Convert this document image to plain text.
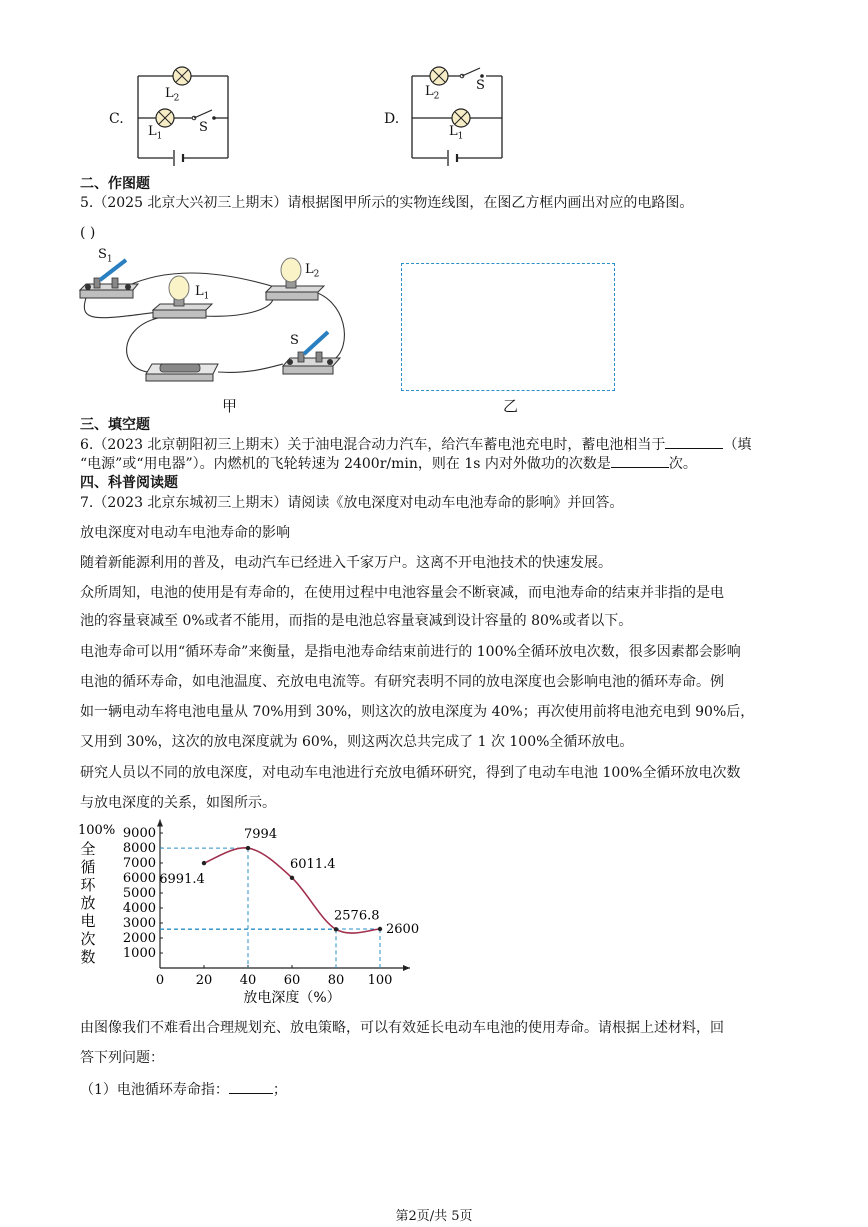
C.
$L_2$
$L_1$
S
D.
$L_2$
S
$L_1$
二、作图题
5.（2025 北京大兴初三上期末）请根据图甲所示的实物连线图，在图乙方框内画出对应的电路图。
( )
$S_1$
$L_1$
$L_2$
S
甲	乙
三、填空题
6.（2023 北京朝阳初三上期末）关于油电混合动力汽车，给汽车蓄电池充电时，蓄电池相当于	（填
“电源”或“用电器”）。内燃机的飞轮转速为 2400r/min，则在 1s 内对外做功的次数是	次。
四、科普阅读题
7.（2023 北京东城初三上期末）请阅读《放电深度对电动车电池寿命的影响》并回答。
放电深度对电动车电池寿命的影响
随着新能源利用的普及，电动汽车已经进入千家万户。这离不开电池技术的快速发展。
众所周知，电池的使用是有寿命的，在使用过程中电池容量会不断衰减，而电池寿命的结束并非指的是电
池的容量衰减至 0%或者不能用，而指的是电池总容量衰减到设计容量的 80%或者以下。
电池寿命可以用“循环寿命”来衡量，是指电池寿命结束前进行的 100%全循环放电次数，很多因素都会影响
电池的循环寿命，如电池温度、充放电电流等。有研究表明不同的放电深度也会影响电池的循环寿命。例
如一辆电动车将电池电量从 70%用到 30%，则这次的放电深度为 40%；再次使用前将电池充电到 90%后，
又用到 30%，这次的放电深度就为 60%，则这两次总共完成了 1 次 100%全循环放电。
研究人员以不同的放电深度，对电动车电池进行充放电循环研究，得到了电动车电池 100%全循环放电次数
与放电深度的关系，如图所示。
1000
2000
3000
4000
5000
6000
7000
8000
9000
0 20 40 60 80 100
100%
全
循
环
放
电
次
数
放电深度（%）
6991.4
7994
6011.4
2576.8
2600
由图像我们不难看出合理规划充、放电策略，可以有效延长电动车电池的使用寿命。请根据上述材料，回
答下列问题：
（1）电池循环寿命指：	；
第2页/共 5页
